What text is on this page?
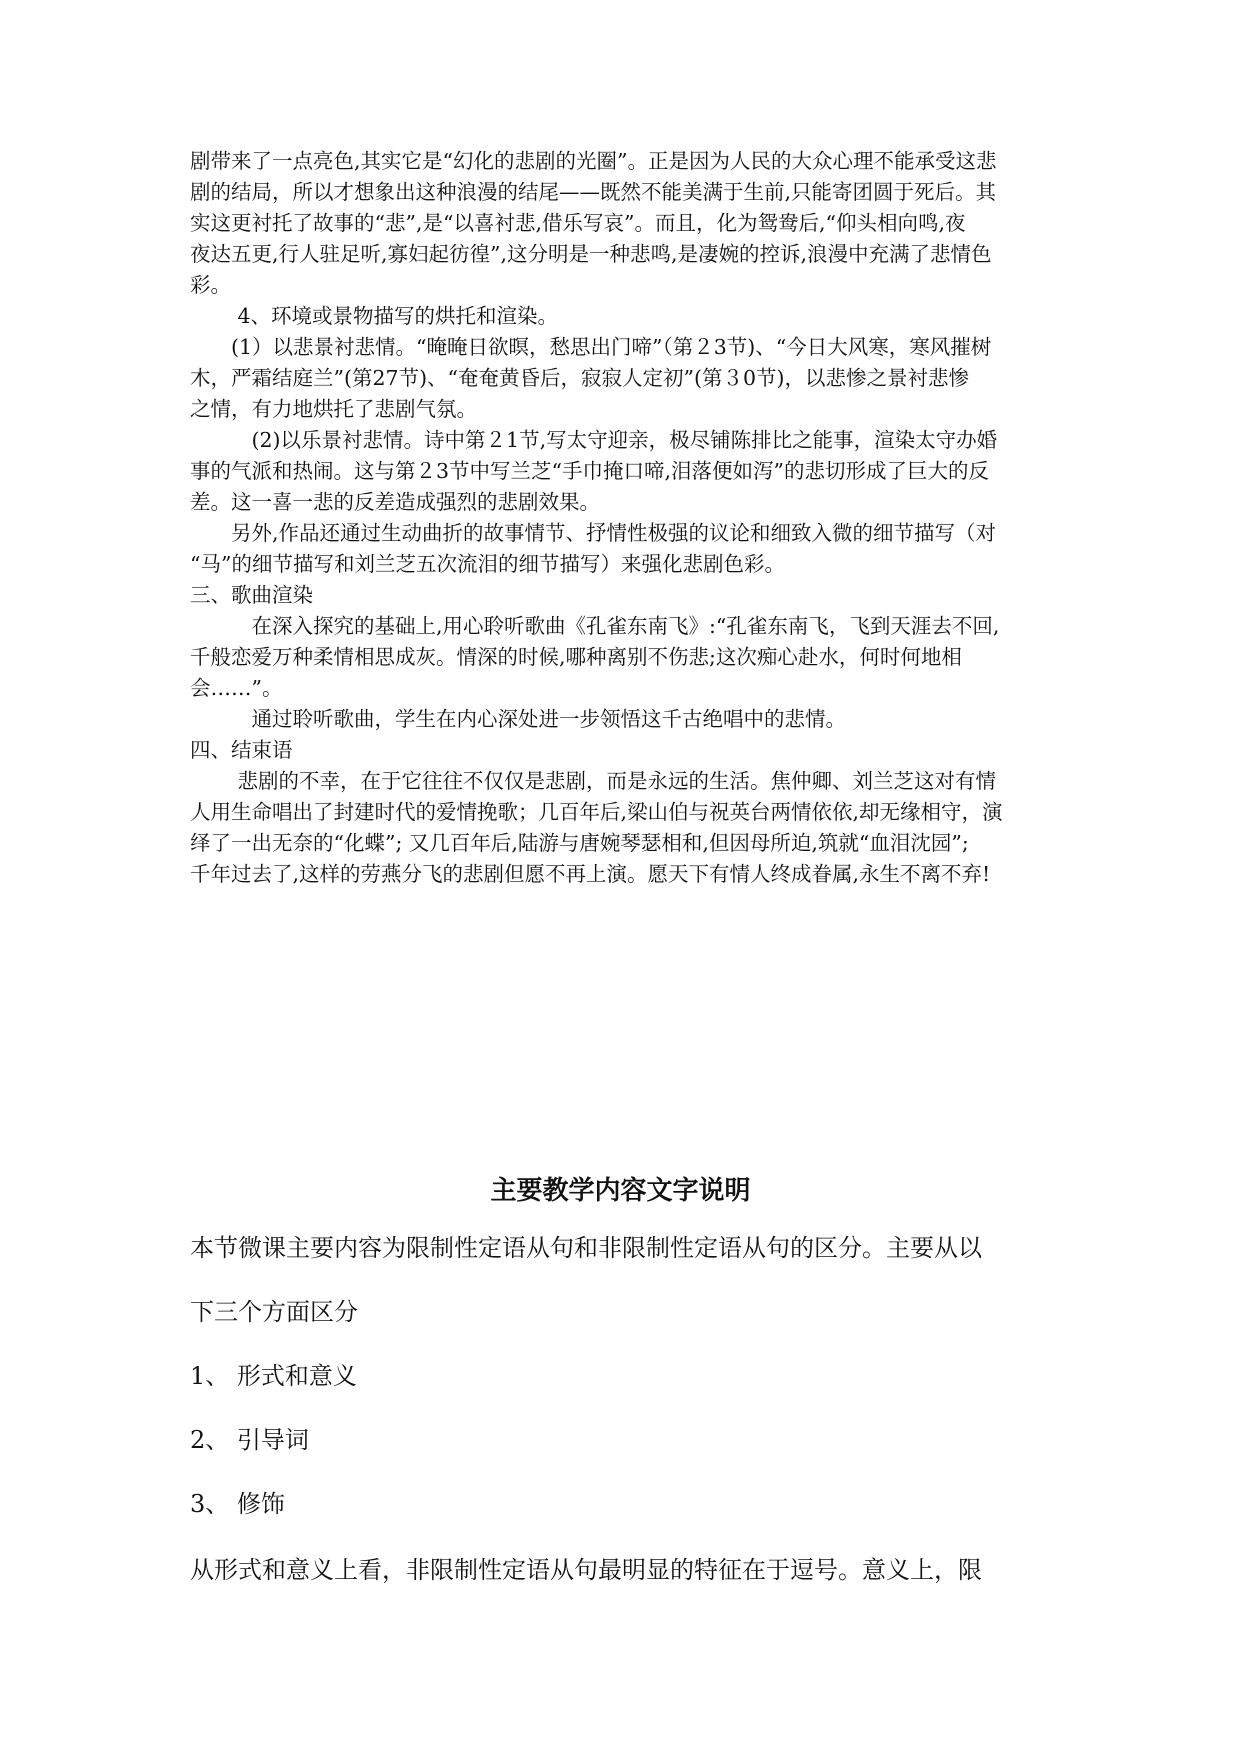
剧带来了一点亮色,其实它是“幻化的悲剧的光圈”。正是因为人民的大众心理不能承受这悲
剧的结局，所以才想象出这种浪漫的结尾——既然不能美满于生前,只能寄团圆于死后。其
实这更衬托了故事的“悲”,是“以喜衬悲,借乐写哀”。而且，化为鸳鸯后,“仰头相向鸣,夜
夜达五更,行人驻足听,寡妇起彷徨”,这分明是一种悲鸣,是凄婉的控诉,浪漫中充满了悲情色
彩。
　　 4、环境或景物描写的烘托和渲染。
　　(1）以悲景衬悲情。“晻晻日欲暝，愁思出门啼”（第２3节)、“今日大风寒，寒风摧树
木，严霜结庭兰”(第27节)、“奄奄黄昏后，寂寂人定初”(第３0节)，以悲惨之景衬悲惨
之情，有力地烘托了悲剧气氛。
　　　(2)以乐景衬悲情。诗中第２1节,写太守迎亲，极尽铺陈排比之能事，渲染太守办婚
事的气派和热闹。这与第２3节中写兰芝“手巾掩口啼,泪落便如泻”的悲切形成了巨大的反
差。这一喜一悲的反差造成强烈的悲剧效果。
　　另外,作品还通过生动曲折的故事情节、抒情性极强的议论和细致入微的细节描写（对
“马”的细节描写和刘兰芝五次流泪的细节描写）来强化悲剧色彩。
三、歌曲渲染
　　　在深入探究的基础上,用心聆听歌曲《孔雀东南飞》:“孔雀东南飞，飞到天涯去不回,
千般恋爱万种柔情相思成灰。情深的时候,哪种离别不伤悲;这次痴心赴水，何时何地相
会……”。
　　　通过聆听歌曲，学生在内心深处进一步领悟这千古绝唱中的悲情。
四、结束语
　　 悲剧的不幸，在于它往往不仅仅是悲剧，而是永远的生活。焦仲卿、刘兰芝这对有情
人用生命唱出了封建时代的爱情挽歌；几百年后,梁山伯与祝英台两情依依,却无缘相守，演
绎了一出无奈的“化蝶”; 又几百年后,陆游与唐婉琴瑟相和,但因母所迫,筑就“血泪沈园”;
千年过去了,这样的劳燕分飞的悲剧但愿不再上演。愿天下有情人终成眷属,永生不离不弃!
主要教学内容文字说明
本节微课主要内容为限制性定语从句和非限制性定语从句的区分。主要从以
下三个方面区分
1、 形式和意义
2、 引导词
3、 修饰
从形式和意义上看，非限制性定语从句最明显的特征在于逗号。意义上，限
